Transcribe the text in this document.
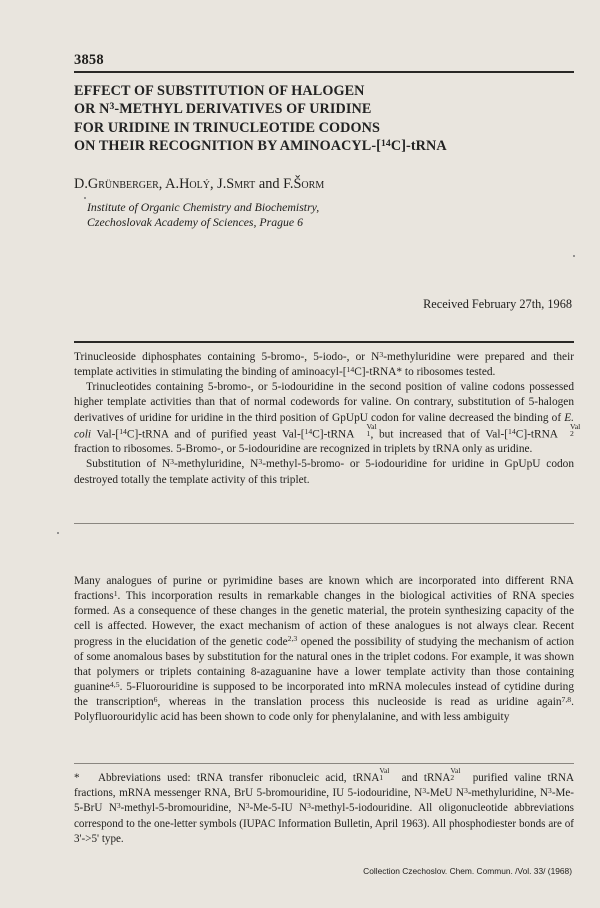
3858
EFFECT OF SUBSTITUTION OF HALOGEN
OR $N^3$-METHYL DERIVATIVES OF URIDINE
FOR URIDINE IN TRINUCLEOTIDE CODONS
ON THEIR RECOGNITION BY AMINOACYL-[$^{14}$C]-tRNA
D.Grünberger, A.Holý, J.Smrt and F.Šorm
Institute of Organic Chemistry and Biochemistry,
Czechoslovak Academy of Sciences, Prague 6
Received February 27th, 1968

Trinucleoside diphosphates containing 5-bromo-, 5-iodo-, or $N^3$-methyluridine were prepared and their template activities in stimulating the binding of aminoacyl-[$^{14}$C]-tRNA* to ribosomes tested.

Trinucleotides containing 5-bromo-, or 5-iodouridine in the second position of valine codons possessed higher template activities than that of normal codewords for valine. On contrary, substitution of 5-halogen derivatives of uridine for uridine in the third position of GpUpU codon for valine decreased the binding of E. coli Val-[$^{14}$C]-tRNA and of purified yeast Val-[$^{14}$C]-tRNA
Val
1 , but increased that of Val-[$^{14}$C]-tRNA
Val
2
fraction to ribosomes. 5-Bromo-, or 5-iodouridine are recognized in triplets by tRNA only as uridine.

Substitution of $N^3$-methyluridine, $N^3-methyl-5-bromo-$ or 5-iodouridine for uridine in GpUpU codon destroyed totally the template activity of this triplet.

Many analogues of purine or pyrimidine bases are known which are incorporated into different RNA fractions$^1$. This incorporation results in remarkable changes in the biological activities of RNA species formed. As a consequence of these changes in the genetic material, the protein synthesizing capacity of the cell is affected. However, the exact mechanism of action of these analogues is not always clear. Recent progress in the elucidation of the genetic code$^{2,3}$ opened the possibility of studying the mechanism of action of some anomalous bases by substitution for the natural ones in the triplet codons. For example, it was shown that polymers or triplets containing 8-azaguanine have a lower template activity than those containing guanine$^{4,5}$. 5-Fluorouridine is supposed to be incorporated into mRNA molecules instead of cytidine during the transcription$^6$, whereas in the translation process this nucleoside is read as uridine again$^{7,8}$. Polyfluorouridylic acid has been shown to code only for phenylalanine, and with less ambiguity

* Abbreviations used: tRNA transfer ribonucleic acid, tRNA
Val
1 and tRNA
Val
2 purified valine tRNA fractions, mRNA messenger RNA, BrU 5-bromouridine, IU 5-iodouridine, $N^3$-MeU $N^3$-methyluridine, $N^3-Me-5$-BrU $N^3-methyl-5$-bromouridine, $N^3-Me-5-IU$ $N^3-methyl-5$-iodouridine. All oligonucleotide abbreviations correspond to the one-letter symbols (IUPAC Information Bulletin, April 1963). All phosphodiester bonds are of 3'->5' type.

Collection Czechoslov. Chem. Commun. /Vol. 33/ (1968)
